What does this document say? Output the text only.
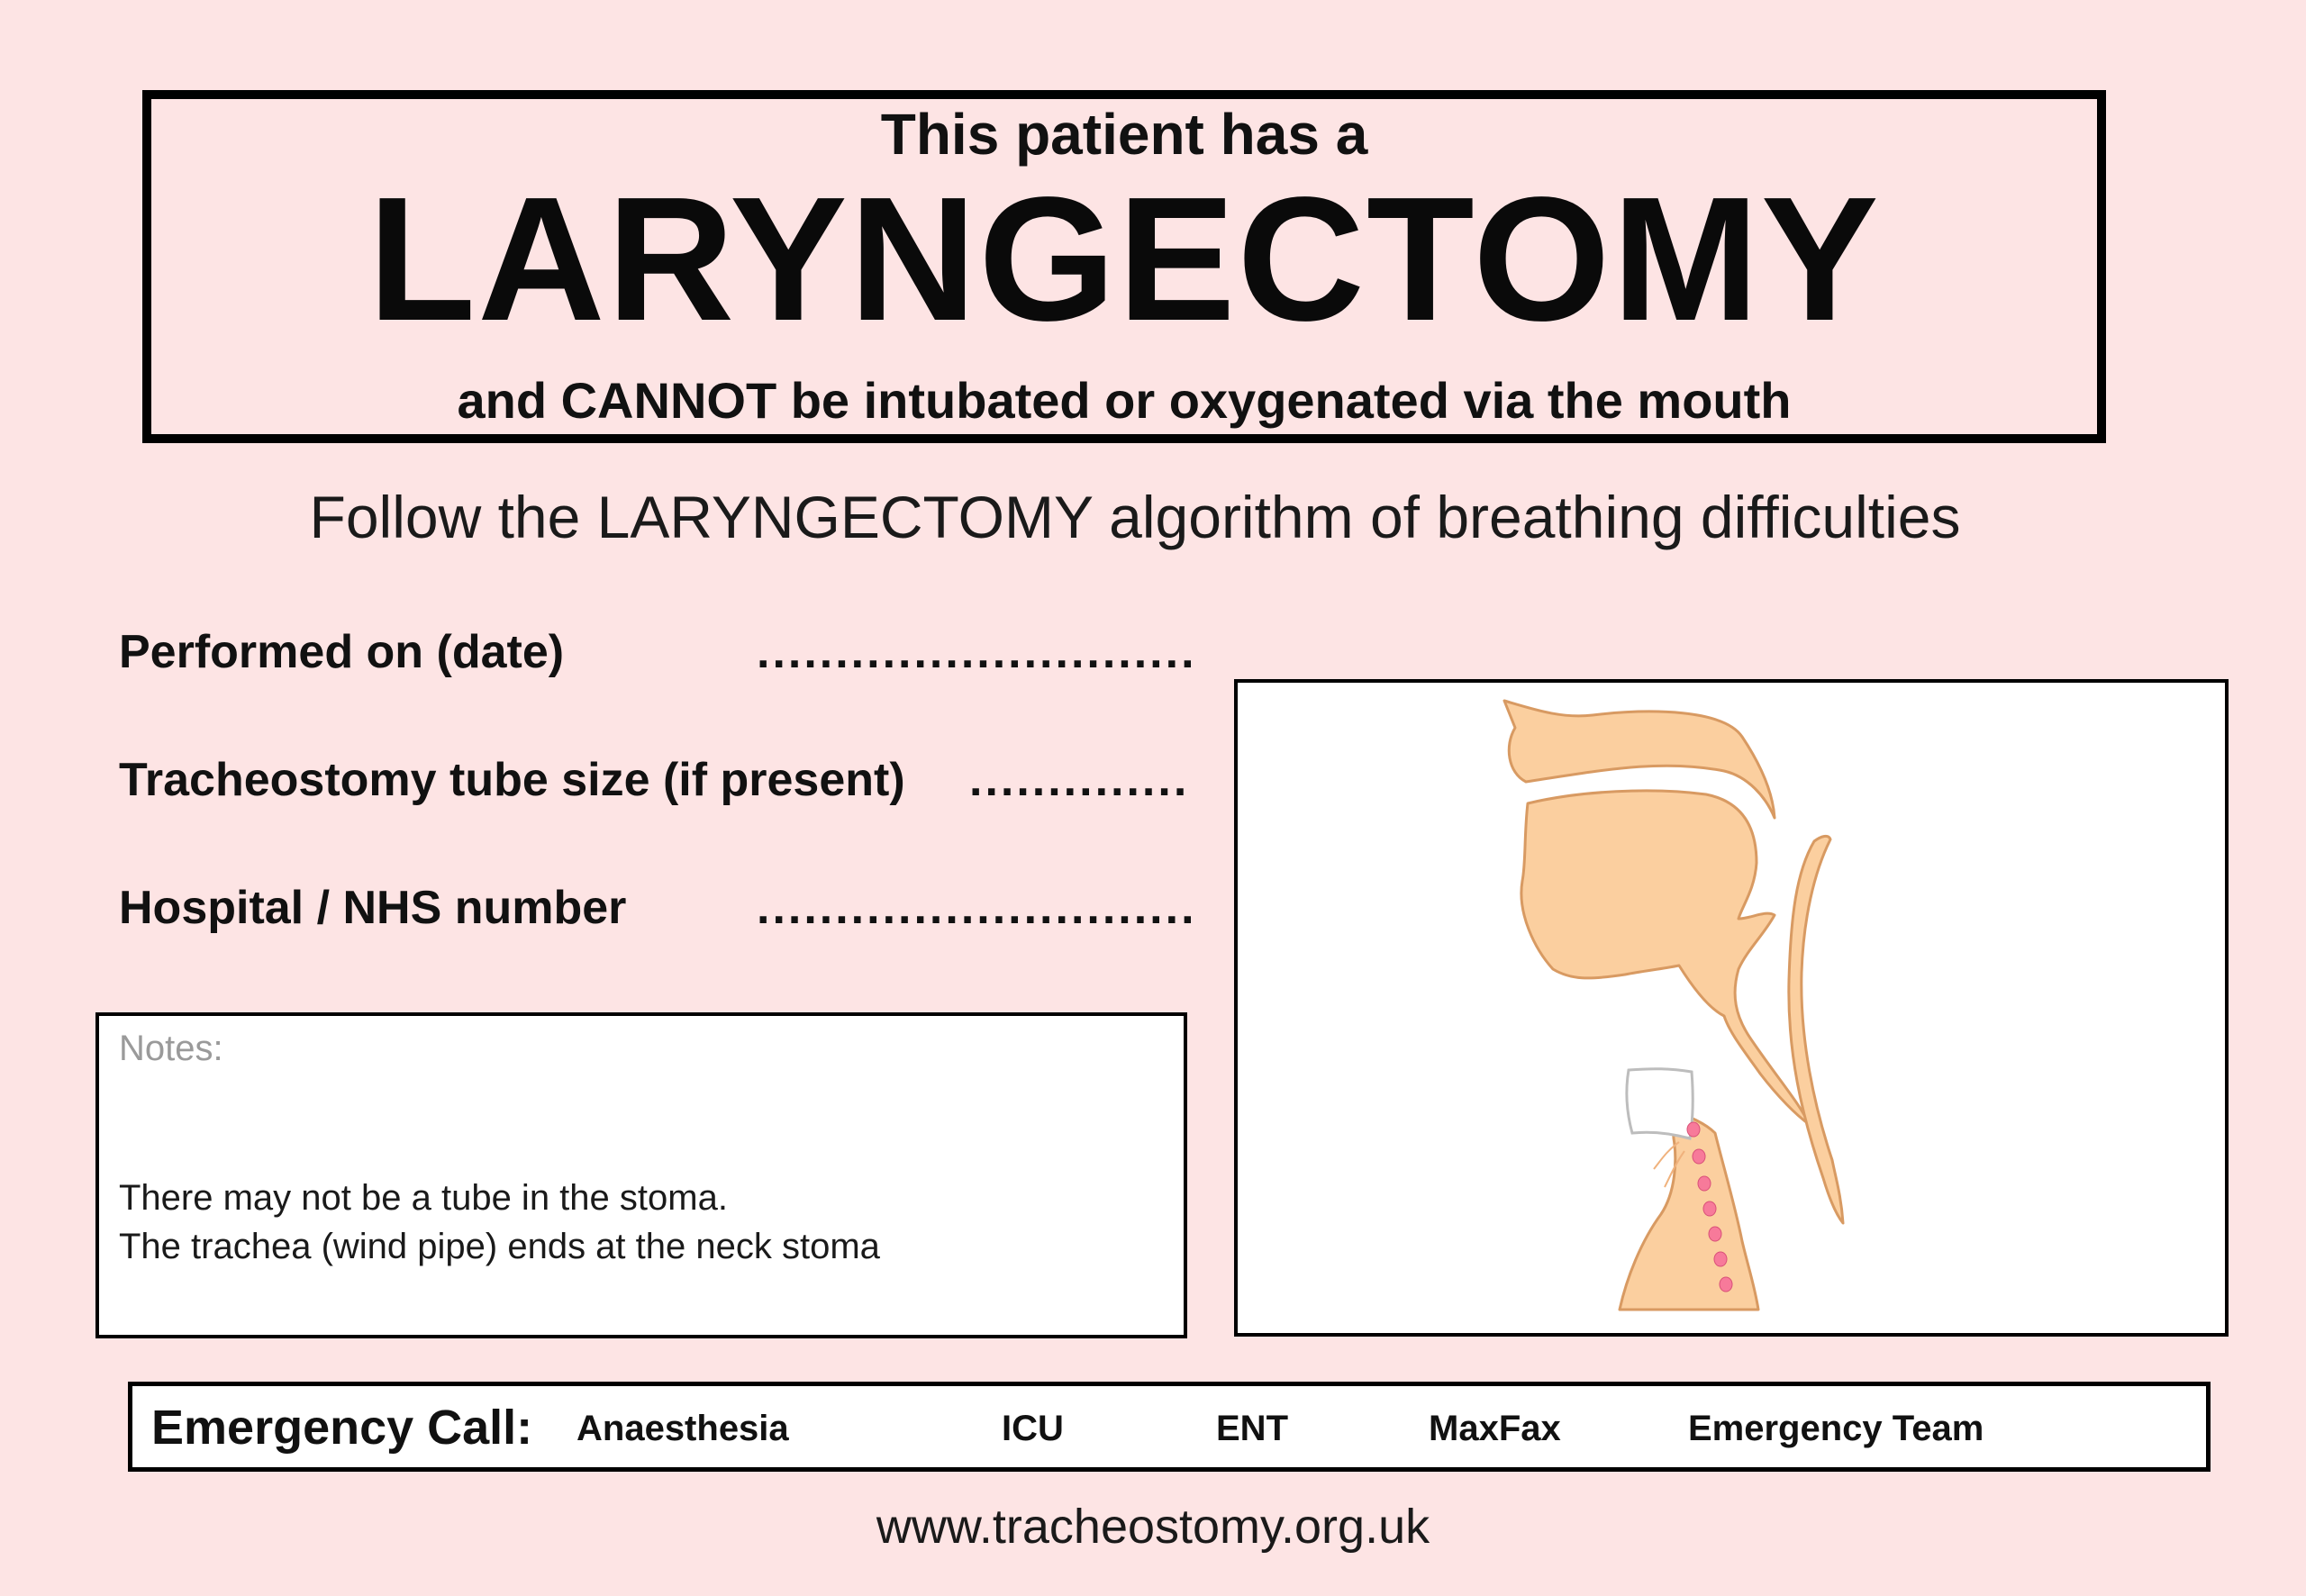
This patient has a
LARYNGECTOMY
and CANNOT be intubated or oxygenated via the mouth
Follow the LARYNGECTOMY algorithm of breathing difficulties
Performed on (date)	............................
Tracheostomy tube size (if present) ..............
Hospital / NHS number	............................
Notes:
There may not be a tube in the stoma.
The trachea (wind pipe) ends at the neck stoma
Emergency Call: Anaesthesia	ICU	ENT	MaxFax	Emergency Team
www.tracheostomy.org.uk
